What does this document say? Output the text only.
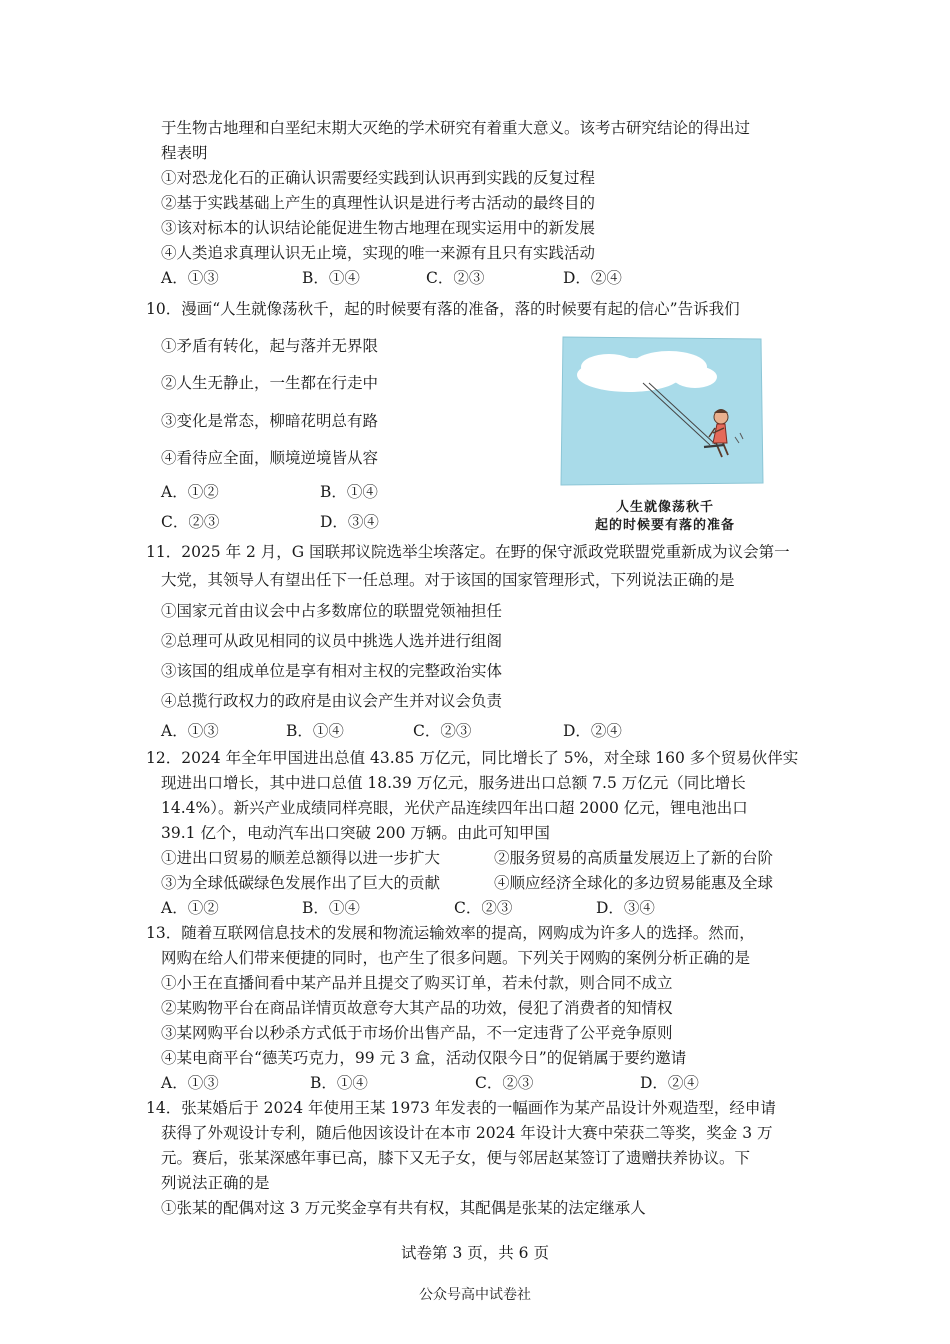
于生物古地理和白垩纪末期大灭绝的学术研究有着重大意义。该考古研究结论的得出过
程表明
①对恐龙化石的正确认识需要经实践到认识再到实践的反复过程
②基于实践基础上产生的真理性认识是进行考古活动的最终目的
③该对标本的认识结论能促进生物古地理在现实运用中的新发展
④人类追求真理认识无止境，实现的唯一来源有且只有实践活动
A．①③	B．①④	C．②③	D．②④
10．漫画“人生就像荡秋千，起的时候要有落的准备，落的时候要有起的信心”告诉我们
①矛盾有转化，起与落并无界限
②人生无静止，一生都在行走中
③变化是常态，柳暗花明总有路
④看待应全面，顺境逆境皆从容
A．①②	B．①④
C．②③	D．③④
人生就像荡秋千
起的时候要有落的准备
11．2025 年 2 月，G 国联邦议院选举尘埃落定。在野的保守派政党联盟党重新成为议会第一
大党，其领导人有望出任下一任总理。对于该国的国家管理形式，下列说法正确的是
①国家元首由议会中占多数席位的联盟党领袖担任
②总理可从政见相同的议员中挑选人选并进行组阁
③该国的组成单位是享有相对主权的完整政治实体
④总揽行政权力的政府是由议会产生并对议会负责
A．①③	B．①④	C．②③	D．②④
12．2024 年全年甲国进出总值 43.85 万亿元，同比增长了 5%，对全球 160 多个贸易伙伴实
现进出口增长，其中进口总值 18.39 万亿元，服务进出口总额 7.5 万亿元（同比增长
14.4%）。新兴产业成绩同样亮眼，光伏产品连续四年出口超 2000 亿元，锂电池出口
39.1 亿个，电动汽车出口突破 200 万辆。由此可知甲国
①进出口贸易的顺差总额得以进一步扩大	②服务贸易的高质量发展迈上了新的台阶
③为全球低碳绿色发展作出了巨大的贡献	④顺应经济全球化的多边贸易能惠及全球
A．①②	B．①④	C．②③	D．③④
13．随着互联网信息技术的发展和物流运输效率的提高，网购成为许多人的选择。然而，
网购在给人们带来便捷的同时，也产生了很多问题。下列关于网购的案例分析正确的是
①小王在直播间看中某产品并且提交了购买订单，若未付款，则合同不成立
②某购物平台在商品详情页故意夸大其产品的功效，侵犯了消费者的知情权
③某网购平台以秒杀方式低于市场价出售产品，不一定违背了公平竞争原则
④某电商平台“德芙巧克力，99 元 3 盒，活动仅限今日”的促销属于要约邀请
A．①③	B．①④	C．②③	D．②④
14．张某婚后于 2024 年使用王某 1973 年发表的一幅画作为某产品设计外观造型，经申请
获得了外观设计专利，随后他因该设计在本市 2024 年设计大赛中荣获二等奖，奖金 3 万
元。赛后，张某深感年事已高，膝下又无子女，便与邻居赵某签订了遗赠扶养协议。下
列说法正确的是
①张某的配偶对这 3 万元奖金享有共有权，其配偶是张某的法定继承人
试卷第 3 页，共 6 页
公众号高中试卷社
